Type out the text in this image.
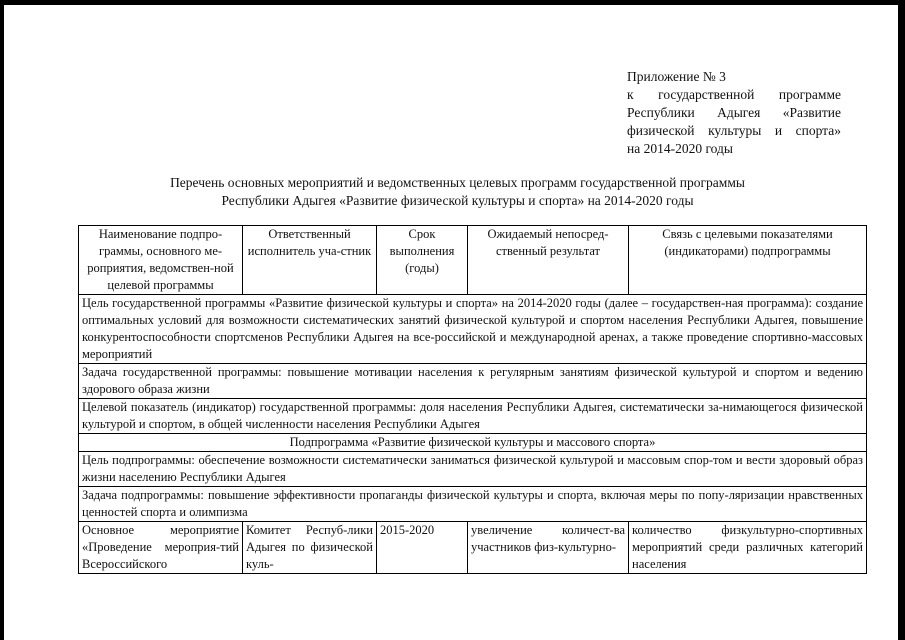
Приложение № 3
к государственной программе
Республики Адыгея «Развитие
физической культуры и спорта»
на 2014-2020 годы
Перечень основных мероприятий и ведомственных целевых программ государственной программы
Республики Адыгея «Развитие физической культуры и спорта» на 2014-2020 годы
Наименование подпро-граммы, основного ме-роприятия, ведомствен-ной целевой программы	Ответственный исполнитель уча-стник	Срок выполнения (годы)	Ожидаемый непосред-ственный результат	Связь с целевыми показателями (индикаторами) подпрограммы
Цель государственной программы «Развитие физической культуры и спорта» на 2014-2020 годы (далее – государствен-ная программа): создание оптимальных условий для возможности систематических занятий физической культурой и спортом населения Республики Адыгея, повышение конкурентоспособности спортсменов Республики Адыгея на все-российской и международной аренах, а также проведение спортивно-массовых мероприятий				
Задача государственной программы: повышение мотивации населения к регулярным занятиям физической культурой и спортом и ведению здорового образа жизни				
Целевой показатель (индикатор) государственной программы: доля населения Республики Адыгея, систематически за-нимающегося физической культурой и спортом, в общей численности населения Республики Адыгея				
Подпрограмма «Развитие физической культуры и массового спорта»				
Цель подпрограммы: обеспечение возможности систематически заниматься физической культурой и массовым спор-том и вести здоровый образ жизни населению Республики Адыгея				
Задача подпрограммы: повышение эффективности пропаганды физической культуры и спорта, включая меры по попу-ляризации нравственных ценностей спорта и олимпизма				
Основное мероприятие «Проведение мероприя-тий Всероссийского	Комитет Респуб-лики Адыгея по физической куль-	2015-2020	увеличение количест-ва участников физ-культурно-	количество физкультурно-спортивных мероприятий среди различных категорий населения
